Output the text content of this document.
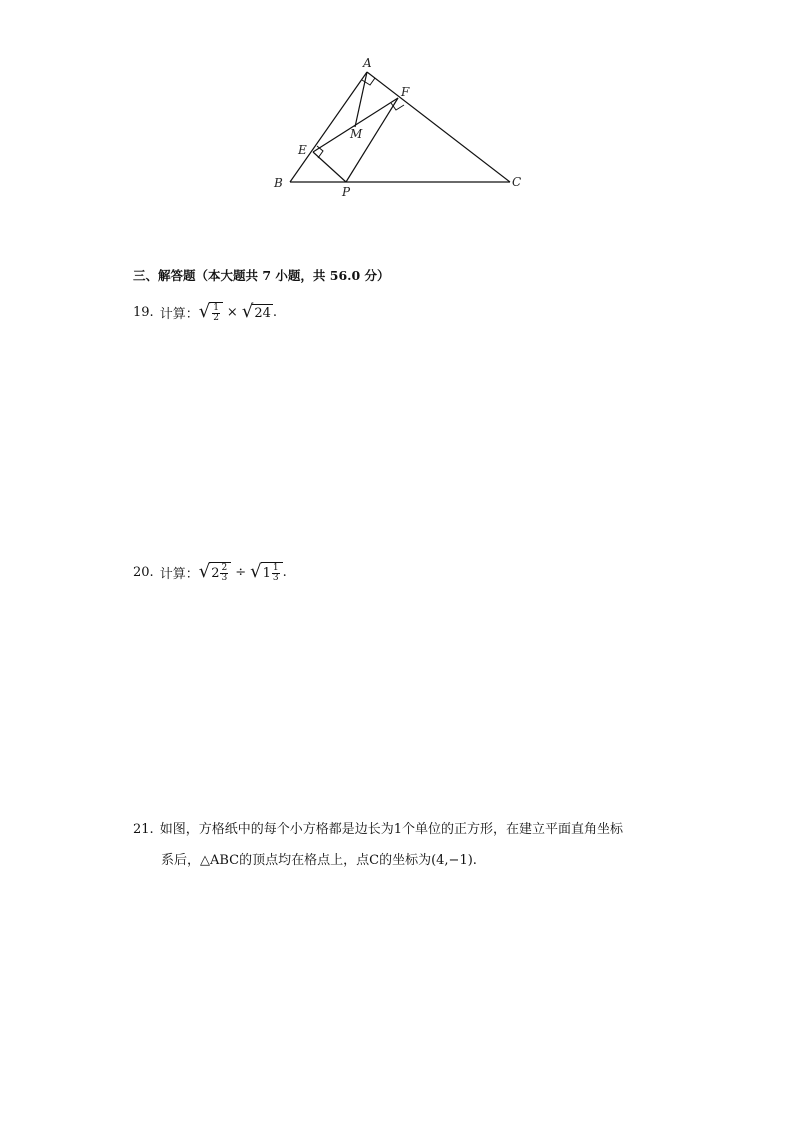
A
F
M
E
B
P
C
三、解答题（本大题共 7 小题，共 56.0 分）
19. 计算： √ $\frac{1}{2}$ × √ 24 .
20. 计算： √ $2 \frac{2}{3}$ ÷ √ $1 \frac{1}{3}$ .
21. 如图，方格纸中的每个小方格都是边长为1个单位的正方形，在建立平面直角坐标
系后，△ABC的顶点均在格点上，点C的坐标为(4,−1).
